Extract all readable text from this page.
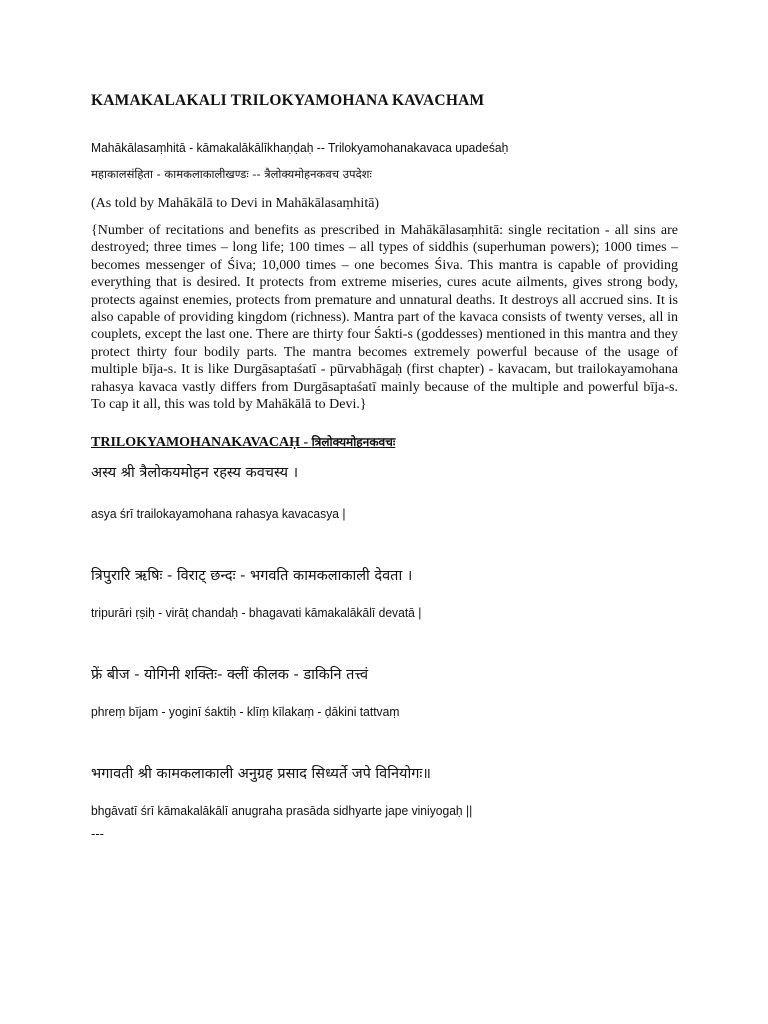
KAMAKALAKALI TRILOKYAMOHANA KAVACHAM
Mahākālasaṃhitā - kāmakalākālīkhaṇḍaḥ -- Trilokyamohanakavaca upadeśaḥ
महाकालसंहिता - कामकलाकालीखण्डः -- त्रैलोक्यमोहनकवच उपदेशः
(As told by Mahākālā to Devi in Mahākālasaṃhitā)
{Number of recitations and benefits as prescribed in Mahākālasaṃhitā: single recitation - all sins are destroyed; three times – long life; 100 times – all types of siddhis (superhuman powers); 1000 times – becomes messenger of Śiva; 10,000 times – one becomes Śiva. This mantra is capable of providing everything that is desired. It protects from extreme miseries, cures acute ailments, gives strong body, protects against enemies, protects from premature and unnatural deaths. It destroys all accrued sins. It is also capable of providing kingdom (richness). Mantra part of the kavaca consists of twenty verses, all in couplets, except the last one. There are thirty four Śakti-s (goddesses) mentioned in this mantra and they protect thirty four bodily parts. The mantra becomes extremely powerful because of the usage of multiple bīja-s. It is like Durgāsaptaśatī - pūrvabhāgaḥ (first chapter) - kavacam, but trailokayamohana rahasya kavaca vastly differs from Durgāsaptaśatī mainly because of the multiple and powerful bīja-s. To cap it all, this was told by Mahākālā to Devi.}
TRILOKYAMOHANAKAVACAḤ - त्रिलोक्यमोहनकवचः
अस्य श्री त्रैलोकयमोहन रहस्य कवचस्य ।
asya śrī trailokayamohana rahasya kavacasya |
त्रिपुरारि ऋषिः - विराट् छन्दः - भगवति कामकलाकाली देवता ।
tripurāri ṛṣiḥ - virāṭ chandaḥ - bhagavati kāmakalākālī devatā |
फ्रें बीज - योगिनी शक्तिः- क्लीं कीलक - डाकिनि तत्त्वं
phreṃ bījam - yoginī śaktiḥ - klīṃ kīlakaṃ - ḍākini tattvaṃ
भगावती श्री कामकलाकाली अनुग्रह प्रसाद सिध्यर्ते जपे विनियोगः॥
bhgāvatī śrī kāmakalākālī anugraha prasāda sidhyarte jape viniyogaḥ ||
---
